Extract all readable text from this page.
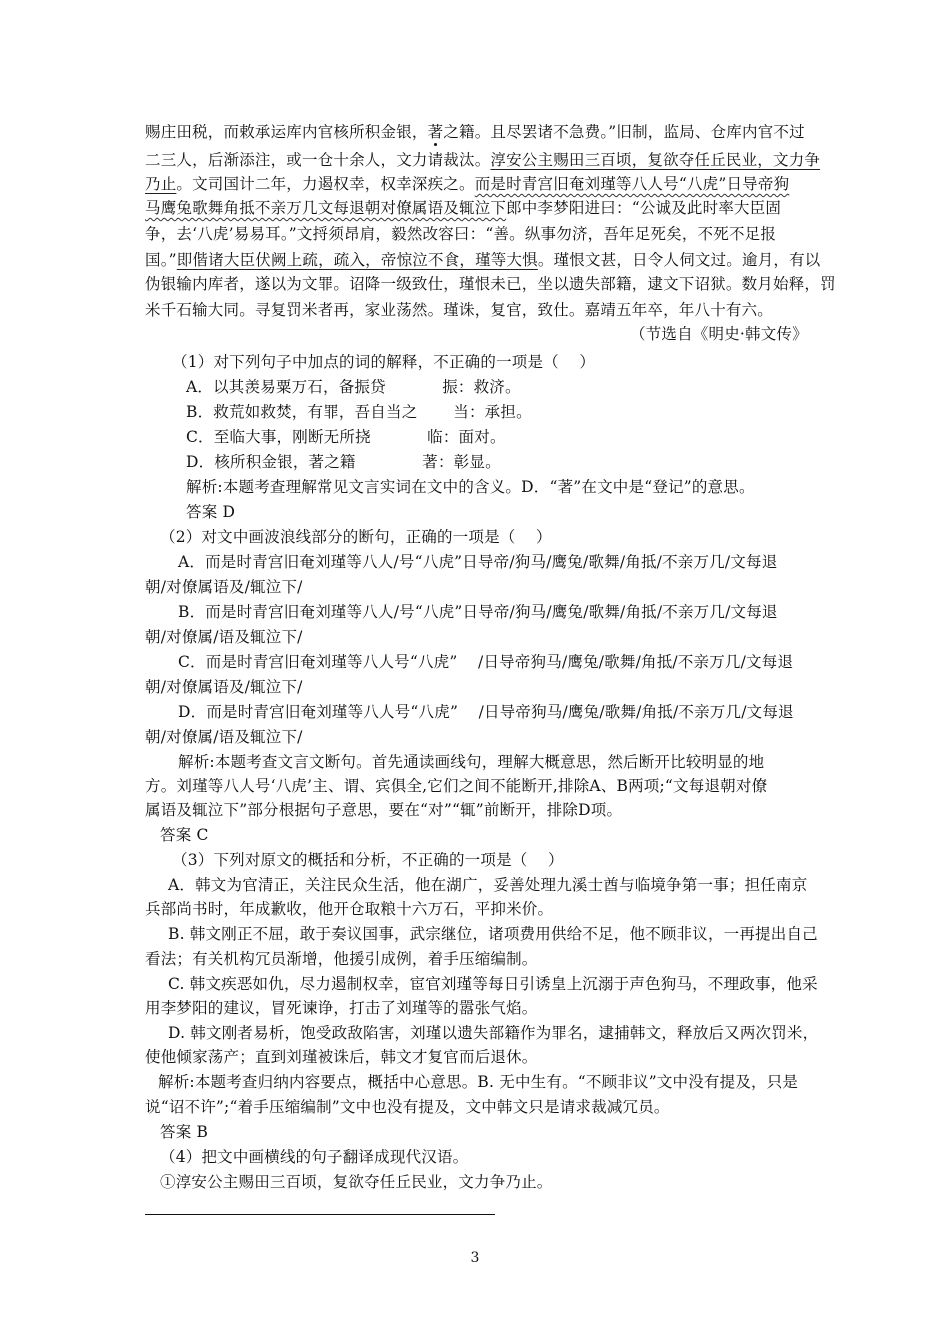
赐庄田税，而敕承运库内官核所积金银，著之籍。且尽罢诸不急费。”旧制，监局、仓库内官不过
二三人，后渐添注，或一仓十余人，文力请裁汰。淳安公主赐田三百顷，复欲夺任丘民业，文力争
乃止。文司国计二年，力遏权幸，权幸深疾之。而是时青宫旧奄刘瑾等八人号“八虎”日导帝狗
马鹰兔歌舞角抵不亲万几文每退朝对僚属语及辄泣下郎中李梦阳进曰：“公诚及此时率大臣固
争，去‘八虎’易易耳。”文捋须昂肩，毅然改容曰：“善。纵事勿济，吾年足死矣，不死不足报
国。”即偕诸大臣伏阙上疏，疏入，帝惊泣不食，瑾等大惧。瑾恨文甚，日令人伺文过。逾月，有以
伪银输内库者，遂以为文罪。诏降一级致仕，瑾恨未已，坐以遗失部籍，逮文下诏狱。数月始释，罚
米千石输大同。寻复罚米者再，家业荡然。瑾诛，复官，致仕。嘉靖五年卒，年八十有六。
（节选自《明史·韩文传》
（1）对下列句子中加点的词的解释，不正确的一项是（    ）
A．以其羡易粟万石，备振贷           振：救济。
B．救荒如救焚，有罪，吾自当之       当：承担。
C．至临大事，刚断无所挠           临：面对。
D．核所积金银，著之籍             著：彰显。
解析:本题考查理解常见文言实词在文中的含义。D．“著”在文中是“登记”的意思。
答案 D
（2）对文中画波浪线部分的断句，正确的一项是（    ）
A．而是时青宫旧奄刘瑾等八人/号“八虎”日导帝/狗马/鹰兔/歌舞/角抵/不亲万几/文每退
朝/对僚属语及/辄泣下/
B．而是时青宫旧奄刘瑾等八人/号“八虎”日导帝/狗马/鹰兔/歌舞/角抵/不亲万几/文每退
朝/对僚属/语及辄泣下/
C．而是时青宫旧奄刘瑾等八人号“八虎”    /日导帝狗马/鹰兔/歌舞/角抵/不亲万几/文每退
朝/对僚属语及/辄泣下/
D．而是时青宫旧奄刘瑾等八人号“八虎”    /日导帝狗马/鹰兔/歌舞/角抵/不亲万几/文每退
朝/对僚属/语及辄泣下/
解析:本题考查文言文断句。首先通读画线句，理解大概意思，然后断开比较明显的地
方。刘瑾等八人号‘八虎’主、谓、宾俱全,它们之间不能断开,排除A、B两项;“文每退朝对僚
属语及辄泣下”部分根据句子意思，要在“对”“辄”前断开，排除D项。
答案 C
（3）下列对原文的概括和分析，不正确的一项是（    ）
A．韩文为官清正，关注民众生活，他在湖广，妥善处理九溪士酋与临境争第一事；担任南京
兵部尚书时，年成歉收，他开仓取粮十六万石，平抑米价。
B. 韩文刚正不屈，敢于奏议国事，武宗继位，诸项费用供给不足，他不顾非议，一再提出自己
看法；有关机构冗员渐增，他援引成例，着手压缩编制。
C. 韩文疾恶如仇，尽力遏制权幸，宦官刘瑾等每日引诱皇上沉溺于声色狗马，不理政事，他采
用李梦阳的建议，冒死谏诤，打击了刘瑾等的嚣张气焰。
D. 韩文刚者易析，饱受政敌陷害，刘瑾以遗失部籍作为罪名，逮捕韩文，释放后又两次罚米，
使他倾家荡产；直到刘瑾被诛后，韩文才复官而后退休。
解析:本题考查归纳内容要点，概括中心意思。B. 无中生有。“不顾非议”文中没有提及，只是
说“诏不许”;“着手压缩编制”文中也没有提及，文中韩文只是请求裁减冗员。
答案 B
（4）把文中画横线的句子翻译成现代汉语。
①淳安公主赐田三百顷，复欲夺任丘民业，文力争乃止。
3
